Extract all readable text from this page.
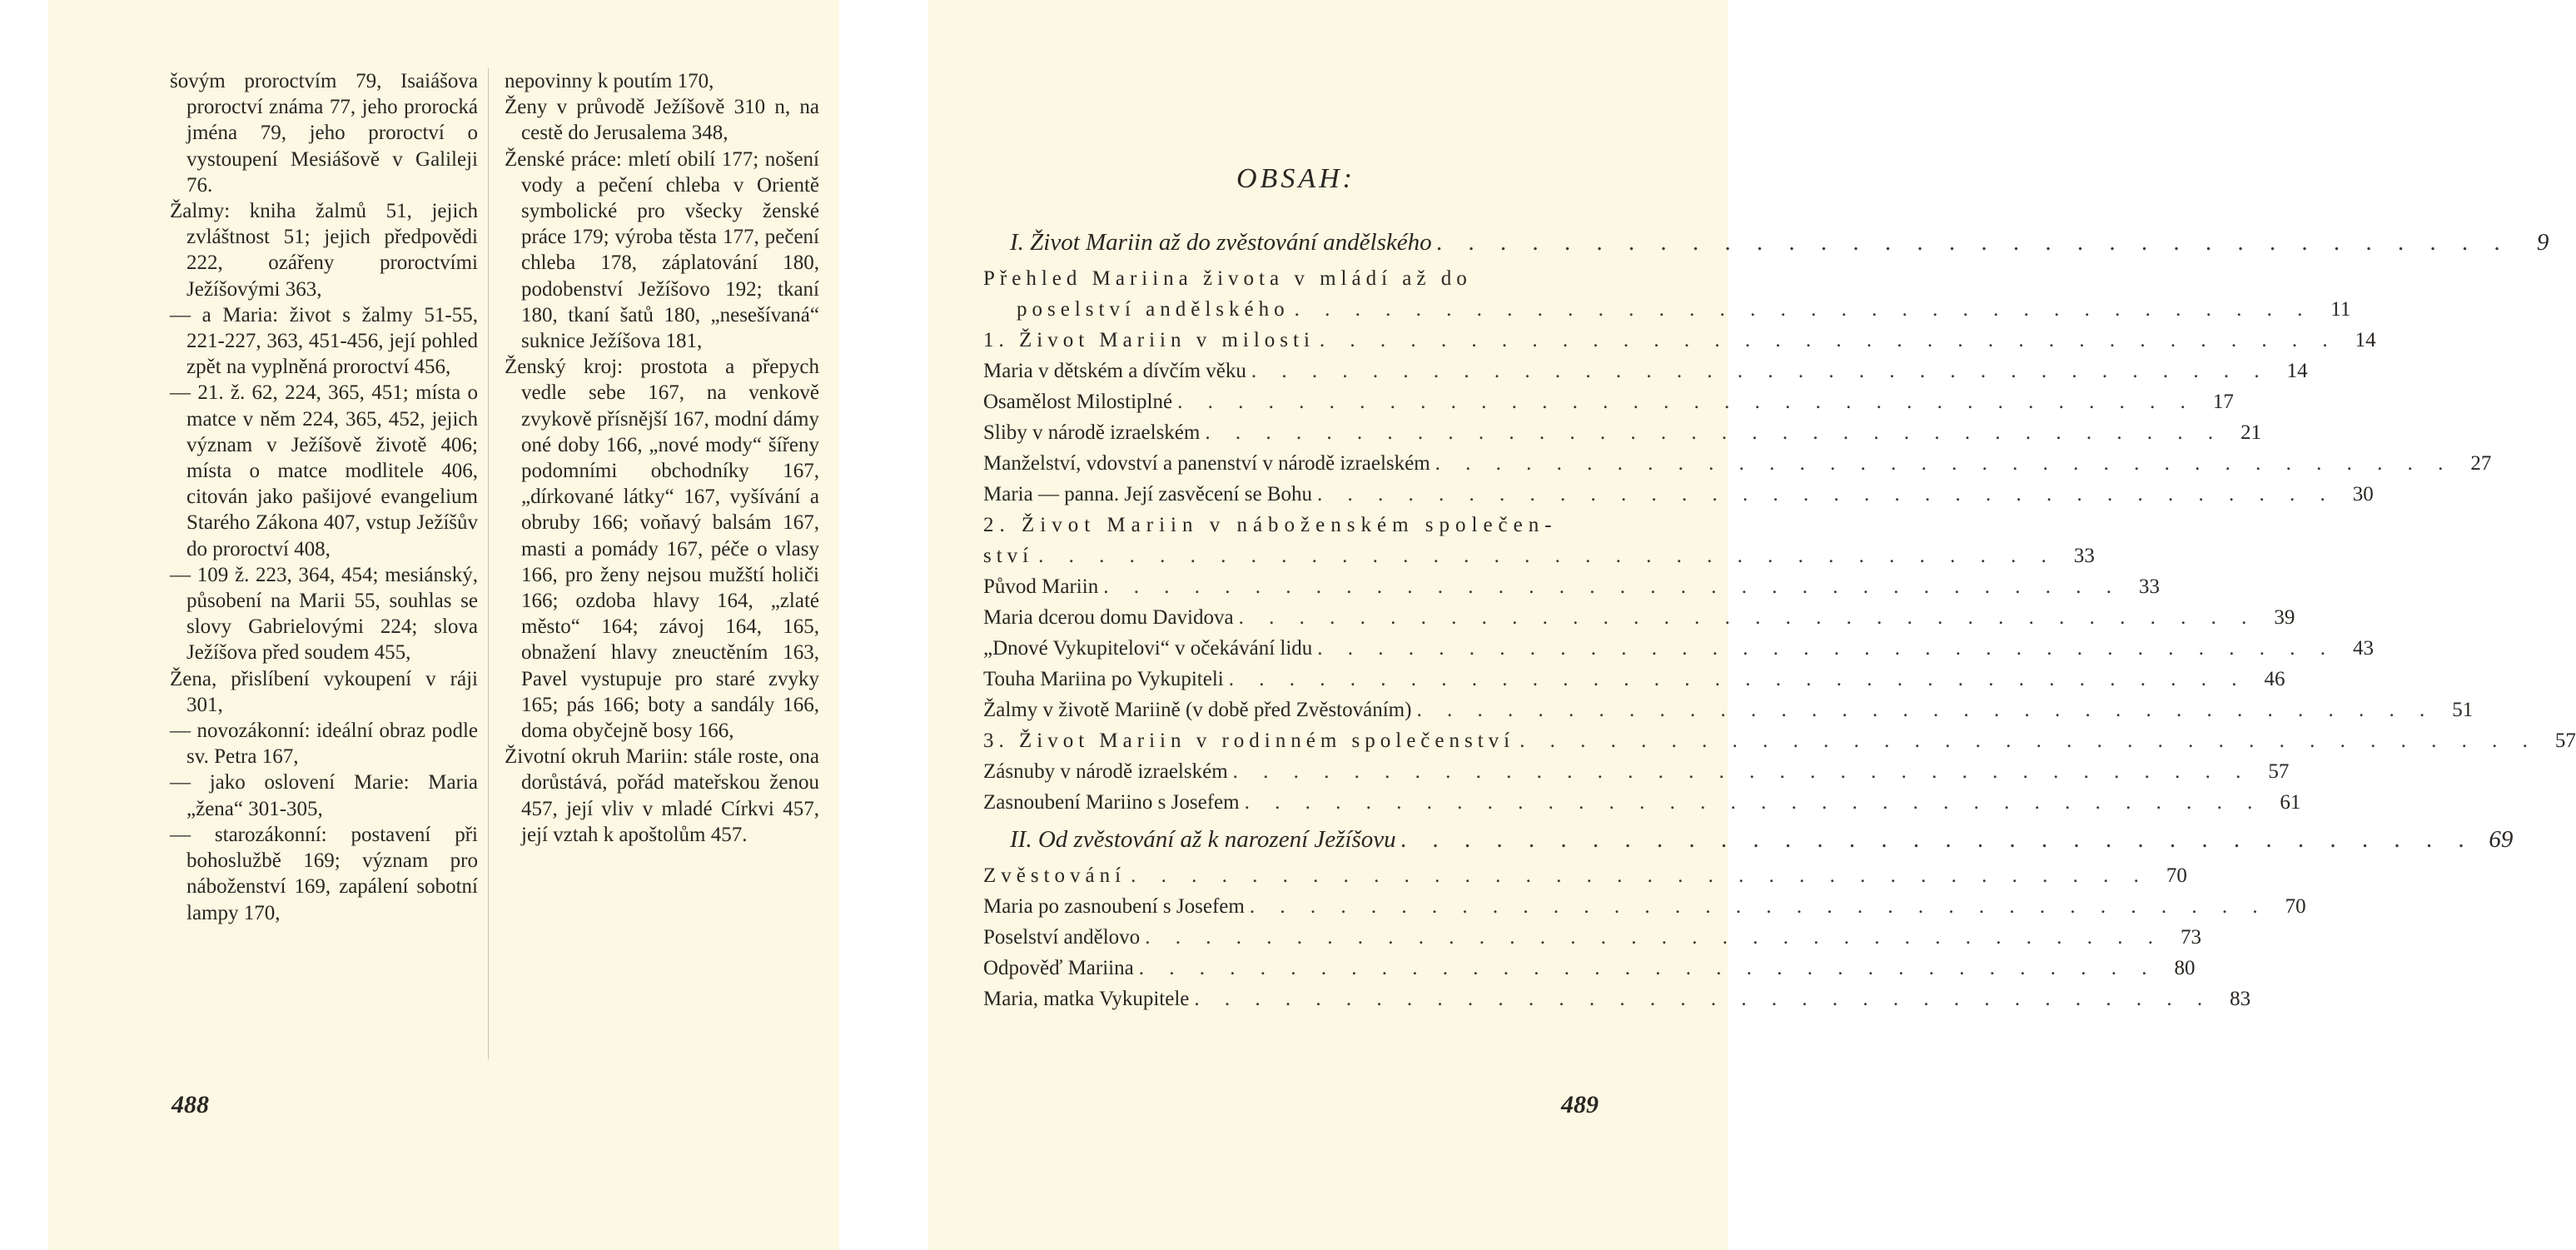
šovým proroctvím 79, Isaiášova proroctví známa 77, jeho prorocká jména 79, jeho proroctví o vystoupení Mesiášově v Galileji 76.

Žalmy: kniha žalmů 51, jejich zvláštnost 51; jejich předpovědi 222, ozářeny proroctvími Ježíšovými 363,

— a Maria: život s žalmy 51-55, 221-227, 363, 451-456, její pohled zpět na vyplněná proroctví 456,

— 21. ž. 62, 224, 365, 451; místa o matce v něm 224, 365, 452, jejich význam v Ježíšově životě 406; místa o matce modlitele 406, citován jako pašijové evangelium Starého Zákona 407, vstup Ježíšův do proroctví 408,

— 109 ž. 223, 364, 454; mesiánský, působení na Marii 55, souhlas se slovy Gabrielovými 224; slova Ježíšova před soudem 455,

Žena, přislíbení vykoupení v ráji 301,

— novozákonní: ideální obraz podle sv. Petra 167,

— jako oslovení Marie: Maria „žena“ 301-305,

— starozákonní: postavení při bohoslužbě 169; význam pro náboženství 169, zapálení sobotní lampy 170,

nepovinny k poutím 170,

Ženy v průvodě Ježíšově 310 n, na cestě do Jerusalema 348,

Ženské práce: mletí obilí 177; nošení vody a pečení chleba v Orientě symbolické pro všecky ženské práce 179; výroba těsta 177, pečení chleba 178, záplatování 180, podobenství Ježíšovo 192; tkaní 180, tkaní šatů 180, „nesešívaná“ suknice Ježíšova 181,

Ženský kroj: prostota a přepych vedle sebe 167, na venkově zvykově přísnější 167, modní dámy oné doby 166, „nové mody“ šířeny podomními obchodníky 167, „dírkované látky“ 167, vyšívání a obruby 166; voňavý balsám 167, masti a pomády 167, péče o vlasy 166, pro ženy nejsou mužští holiči 166; ozdoba hlavy 164, „zlaté město“ 164; závoj 164, 165, obnažení hlavy zneuctěním 163, Pavel vystupuje pro staré zvyky 165; pás 166; boty a sandály 166, doma obyčejně bosy 166,

Životní okruh Mariin: stále roste, ona dorůstává, pořád mateřskou ženou 457, její vliv v mladé Církvi 457, její vztah k apoštolům 457.

488
OBSAH:
I. Život Mariin až do zvěstování andělského . . . . . . . . . . . . . . . . . . . . . . . . . . . . . . . . . .	9
Přehled Mariina života v mládí až do
poselství andělského . . . . . . . . . . . . . . . . . . . . . . . . . . . . . . . . . . 11
1. Život Mariin v milosti . . . . . . . . . . . . . . . . . . . . . . . . . . . . . . . . . . 14
Maria v dětském a dívčím věku . . . . . . . . . . . . . . . . . . . . . . . . . . . . . . . . . . 14
Osamělost Milostiplné . . . . . . . . . . . . . . . . . . . . . . . . . . . . . . . . . . 17
Sliby v národě izraelském . . . . . . . . . . . . . . . . . . . . . . . . . . . . . . . . . . 21
Manželství, vdovství a panenství v národě izraelském . . . . . . . . . . . . . . . . . . . . . . . . . . . . . . . . . . 27
Maria — panna. Její zasvěcení se Bohu . . . . . . . . . . . . . . . . . . . . . . . . . . . . . . . . . . 30
2. Život Mariin v náboženském společen-
ství . . . . . . . . . . . . . . . . . . . . . . . . . . . . . . . . . . 33
Původ Mariin . . . . . . . . . . . . . . . . . . . . . . . . . . . . . . . . . . 33
Maria dcerou domu Davidova . . . . . . . . . . . . . . . . . . . . . . . . . . . . . . . . . . 39
„Dnové Vykupitelovi“ v očekávání lidu . . . . . . . . . . . . . . . . . . . . . . . . . . . . . . . . . . 43
Touha Mariina po Vykupiteli . . . . . . . . . . . . . . . . . . . . . . . . . . . . . . . . . . 46
Žalmy v životě Mariině (v době před Zvěstováním) . . . . . . . . . . . . . . . . . . . . . . . . . . . . . . . . . . 51
3. Život Mariin v rodinném společenství . . . . . . . . . . . . . . . . . . . . . . . . . . . . . . . . . . 57
Zásnuby v národě izraelském . . . . . . . . . . . . . . . . . . . . . . . . . . . . . . . . . . 57
Zasnoubení Mariino s Josefem . . . . . . . . . . . . . . . . . . . . . . . . . . . . . . . . . . 61
II. Od zvěstování až k narození Ježíšovu . . . . . . . . . . . . . . . . . . . . . . . . . . . . . . . . . . 69
Zvěstování . . . . . . . . . . . . . . . . . . . . . . . . . . . . . . . . . . 70
Maria po zasnoubení s Josefem . . . . . . . . . . . . . . . . . . . . . . . . . . . . . . . . . . 70
Poselství andělovo . . . . . . . . . . . . . . . . . . . . . . . . . . . . . . . . . . 73
Odpověď Mariina . . . . . . . . . . . . . . . . . . . . . . . . . . . . . . . . . . 80
Maria, matka Vykupitele . . . . . . . . . . . . . . . . . . . . . . . . . . . . . . . . . . 83
489
